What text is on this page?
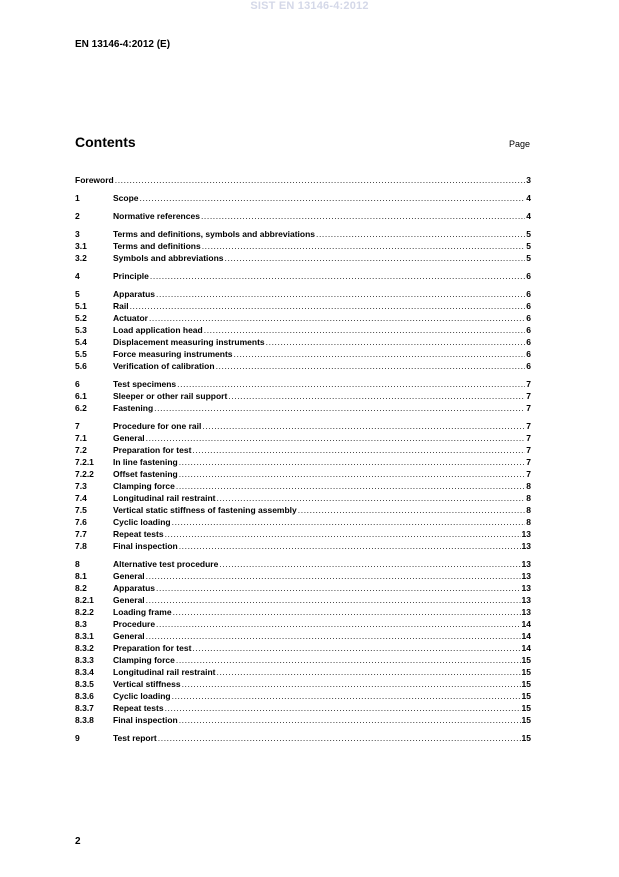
SIST EN 13146-4:2012
EN 13146-4:2012 (E)
Contents	Page
Foreword .....	3
1	Scope .....	4
2	Normative references .....	4
3	Terms and definitions, symbols and abbreviations .....	5
3.1	Terms and definitions .....	5
3.2	Symbols and abbreviations .....	5
4	Principle .....	6
5	Apparatus .....	6
5.1	Rail .....	6
5.2	Actuator .....	6
5.3	Load application head .....	6
5.4	Displacement measuring instruments .....	6
5.5	Force measuring instruments .....	6
5.6	Verification of calibration .....	6
6	Test specimens .....	7
6.1	Sleeper or other rail support .....	7
6.2	Fastening .....	7
7	Procedure for one rail .....	7
7.1	General .....	7
7.2	Preparation for test .....	7
7.2.1	In line fastening .....	7
7.2.2	Offset fastening .....	7
7.3	Clamping force .....	8
7.4	Longitudinal rail restraint .....	8
7.5	Vertical static stiffness of fastening assembly .....	8
7.6	Cyclic loading .....	8
7.7	Repeat tests .....	13
7.8	Final inspection .....	13
8	Alternative test procedure .....	13
8.1	General .....	13
8.2	Apparatus .....	13
8.2.1	General .....	13
8.2.2	Loading frame .....	13
8.3	Procedure .....	14
8.3.1	General .....	14
8.3.2	Preparation for test .....	14
8.3.3	Clamping force .....	15
8.3.4	Longitudinal rail restraint .....	15
8.3.5	Vertical stiffness .....	15
8.3.6	Cyclic loading .....	15
8.3.7	Repeat tests .....	15
8.3.8	Final inspection .....	15
9	Test report .....	15
2
